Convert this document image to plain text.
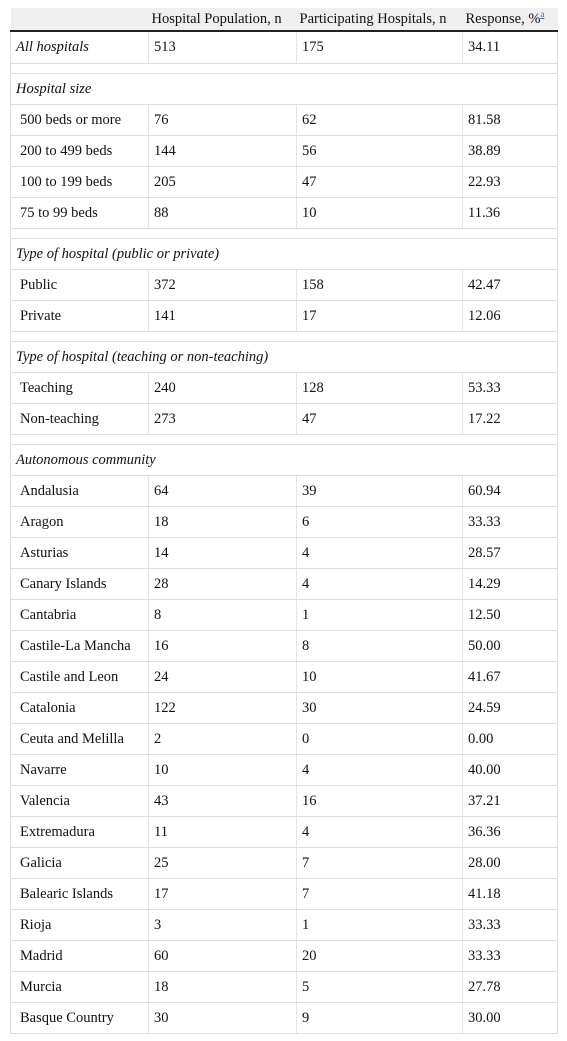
	Hospital Population, n	Participating Hospitals, n	Response, %$^a$
All hospitals	513	175	34.11

Hospital size			
500 beds or more	76	62	81.58
200 to 499 beds	144	56	38.89
100 to 199 beds	205	47	22.93
75 to 99 beds	88	10	11.36

Type of hospital (public or private)			
Public	372	158	42.47
Private	141	17	12.06

Type of hospital (teaching or non-teaching)			
Teaching	240	128	53.33
Non-teaching	273	47	17.22

Autonomous community			
Andalusia	64	39	60.94
Aragon	18	6	33.33
Asturias	14	4	28.57
Canary Islands	28	4	14.29
Cantabria	8	1	12.50
Castile-La Mancha	16	8	50.00
Castile and Leon	24	10	41.67
Catalonia	122	30	24.59
Ceuta and Melilla	2	0	0.00
Navarre	10	4	40.00
Valencia	43	16	37.21
Extremadura	11	4	36.36
Galicia	25	7	28.00
Balearic Islands	17	7	41.18
Rioja	3	1	33.33
Madrid	60	20	33.33
Murcia	18	5	27.78
Basque Country	30	9	30.00
